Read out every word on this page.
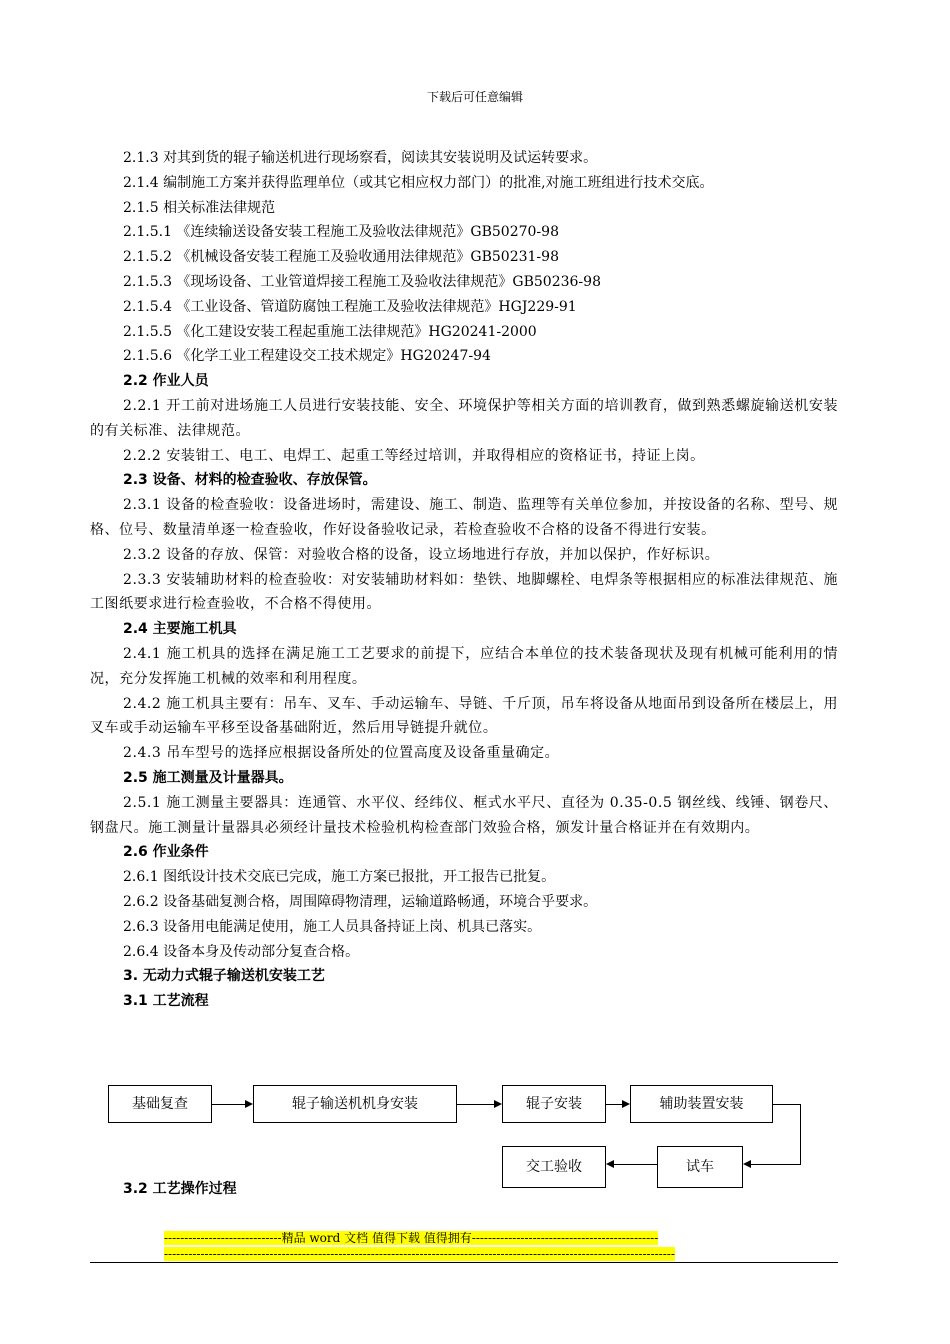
下载后可任意编辑
2.1.3 对其到货的辊子输送机进行现场察看，阅读其安装说明及试运转要求。
2.1.4 编制施工方案并获得监理单位（或其它相应权力部门）的批准,对施工班组进行技术交底。
2.1.5 相关标准法律规范
2.1.5.1 《连续输送设备安装工程施工及验收法律规范》GB50270-98
2.1.5.2 《机械设备安装工程施工及验收通用法律规范》GB50231-98
2.1.5.3 《现场设备、工业管道焊接工程施工及验收法律规范》GB50236-98
2.1.5.4 《工业设备、管道防腐蚀工程施工及验收法律规范》HGJ229-91
2.1.5.5 《化工建设安装工程起重施工法律规范》HG20241-2000
2.1.5.6 《化学工业工程建设交工技术规定》HG20247-94
2.2 作业人员
2.2.1 开工前对进场施工人员进行安装技能、安全、环境保护等相关方面的培训教育，做到熟悉螺旋输送机安装的有关标准、法律规范。
2.2.2 安装钳工、电工、电焊工、起重工等经过培训，并取得相应的资格证书，持证上岗。
2.3 设备、材料的检查验收、存放保管。
2.3.1 设备的检查验收：设备进场时，需建设、施工、制造、监理等有关单位参加，并按设备的名称、型号、规格、位号、数量清单逐一检查验收，作好设备验收记录，若检查验收不合格的设备不得进行安装。
2.3.2 设备的存放、保管：对验收合格的设备，设立场地进行存放，并加以保护，作好标识。
2.3.3 安装辅助材料的检查验收：对安装辅助材料如：垫铁、地脚螺栓、电焊条等根据相应的标准法律规范、施工图纸要求进行检查验收，不合格不得使用。
2.4 主要施工机具
2.4.1 施工机具的选择在满足施工工艺要求的前提下，应结合本单位的技术装备现状及现有机械可能利用的情况，充分发挥施工机械的效率和利用程度。
2.4.2 施工机具主要有：吊车、叉车、手动运输车、导链、千斤顶，吊车将设备从地面吊到设备所在楼层上，用叉车或手动运输车平移至设备基础附近，然后用导链提升就位。
2.4.3 吊车型号的选择应根据设备所处的位置高度及设备重量确定。
2.5 施工测量及计量器具。
2.5.1 施工测量主要器具：连通管、水平仪、经纬仪、框式水平尺、直径为 0.35-0.5 钢丝线、线锤、钢卷尺、钢盘尺。施工测量计量器具必须经计量技术检验机构检查部门效验合格，颁发计量合格证并在有效期内。
2.6 作业条件
2.6.1 图纸设计技术交底已完成，施工方案已报批，开工报告已批复。
2.6.2 设备基础复测合格，周围障碍物清理，运输道路畅通，环境合乎要求。
2.6.3 设备用电能满足使用，施工人员具备持证上岗、机具已落实。
2.6.4 设备本身及传动部分复查合格。
3. 无动力式辊子输送机安装工艺
3.1 工艺流程
基础复查	辊子输送机机身安装	辊子安装	辅助装置安装
试车
交工验收
3.2 工艺操作过程
-----------------------------精品 word 文档 值得下载 值得拥有----------------------------------------------
------------------------------------------------------------------------------------------------------------------------------
